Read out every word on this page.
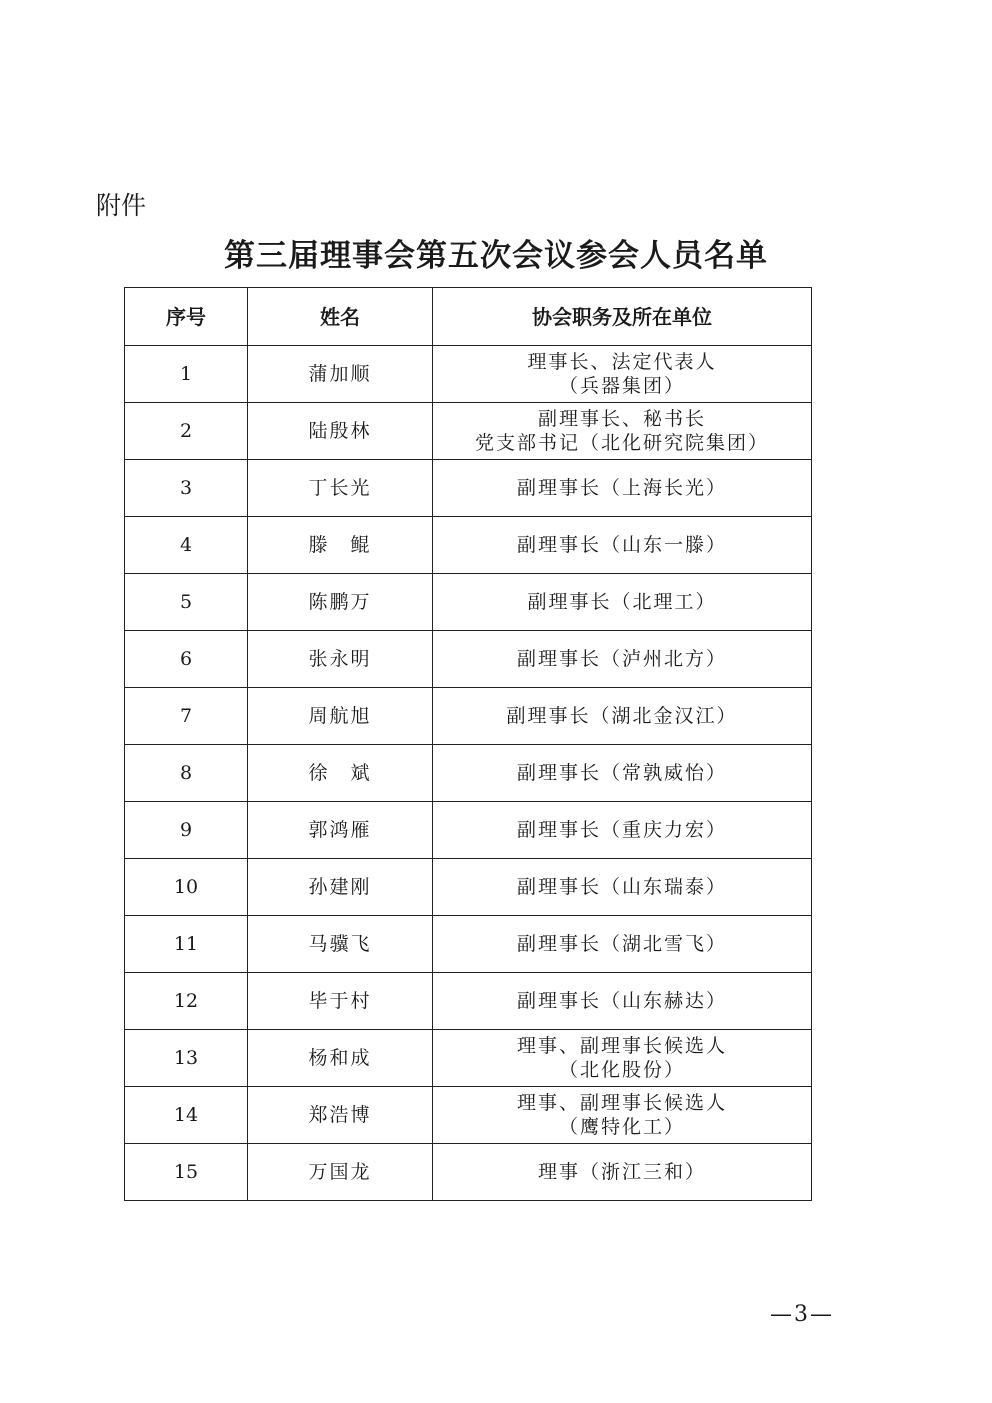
附件
第三届理事会第五次会议参会人员名单
序号	姓名	协会职务及所在单位
1	蒲加顺	理事长、法定代表人
（兵器集团）

2	陆殷林	副理事长、秘书长
党支部书记（北化研究院集团）

3	丁长光	副理事长（上海长光）

4	滕　鲲	副理事长（山东一滕）

5	陈鹏万	副理事长（北理工）

6	张永明	副理事长（泸州北方）

7	周航旭	副理事长（湖北金汉江）

8	徐　斌	副理事长（常孰威怡）

9	郭鸿雁	副理事长（重庆力宏）

10	孙建刚	副理事长（山东瑞泰）

11	马骥飞	副理事长（湖北雪飞）

12	毕于村	副理事长（山东赫达）

13	杨和成	理事、副理事长候选人
（北化股份）

14	郑浩博	理事、副理事长候选人
（鹰特化工）

15	万国龙	理事（浙江三和）
—3—
